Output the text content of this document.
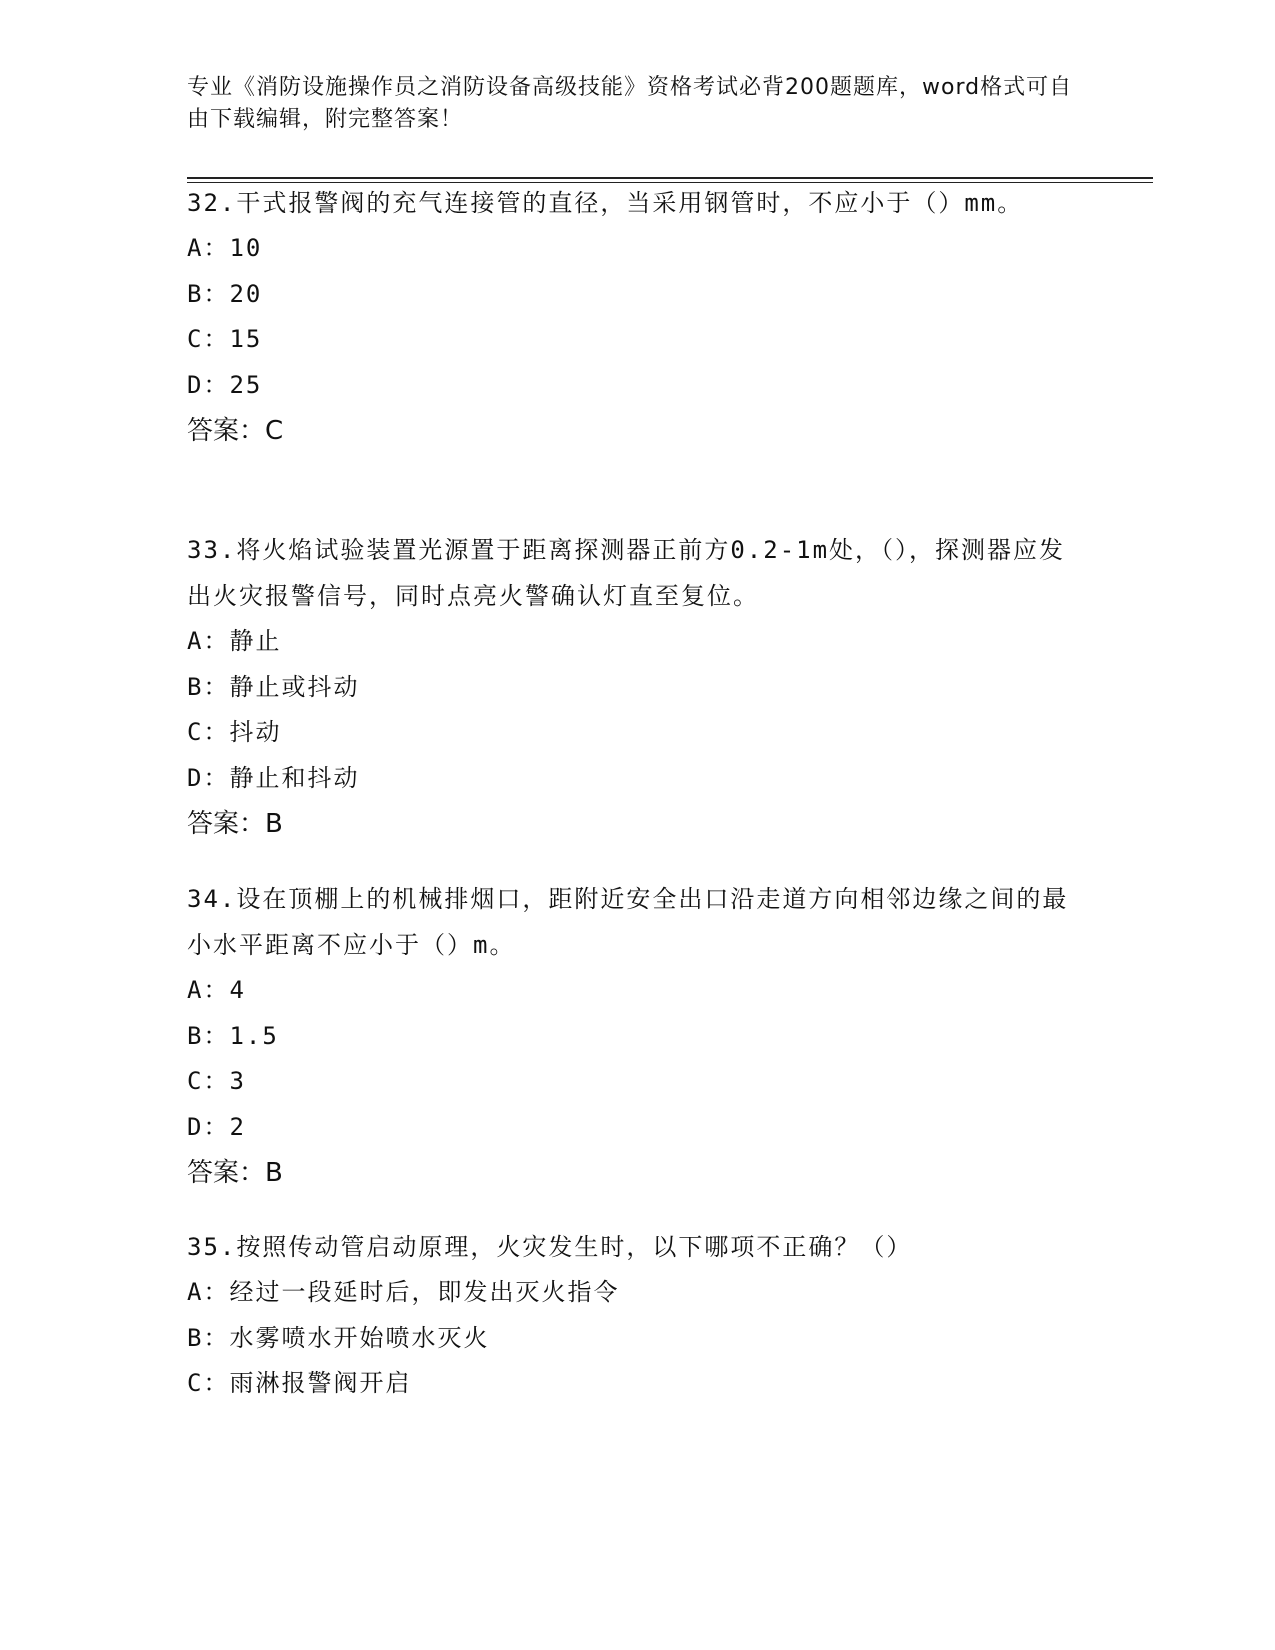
专业《消防设施操作员之消防设备高级技能》资格考试必背200题题库，word格式可自由下载编辑，附完整答案！

32.干式报警阀的充气连接管的直径，当采用钢管时，不应小于（）mm。

A：10

B：20

C：15

D：25

答案：C

33.将火焰试验装置光源置于距离探测器正前方0.2-1m处，（），探测器应发出火灾报警信号，同时点亮火警确认灯直至复位。

A：静止

B：静止或抖动

C：抖动

D：静止和抖动

答案：B

34.设在顶棚上的机械排烟口，距附近安全出口沿走道方向相邻边缘之间的最小水平距离不应小于（）m。

A：4

B：1.5

C：3

D：2

答案：B

35.按照传动管启动原理，火灾发生时，以下哪项不正确？（）

A：经过一段延时后，即发出灭火指令

B：水雾喷水开始喷水灭火

C：雨淋报警阀开启
